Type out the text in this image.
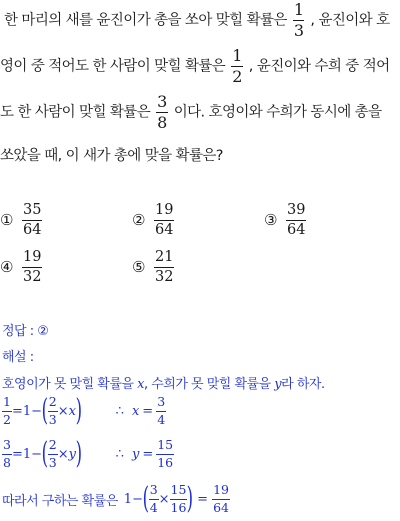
한 마리의 새를 윤진이가 총을 쏘아 맞힐 확률은 $\frac{1}{3}$ , 윤진이와 호
영이 중 적어도 한 사람이 맞힐 확률은 $\frac{1}{2}$ , 윤진이와 수희 중 적어
도 한 사람이 맞힐 확률은 $\frac{3}{8}$ 이다. 호영이와 수희가 동시에 총을
쏘았을 때, 이 새가 총에 맞을 확률은?
① $\frac{35}{64}$	② $\frac{19}{64}$	③ $\frac{39}{64}$
④ $\frac{19}{32}$	⑤ $\frac{21}{32}$
정답 : ②
해설 :
호영이가 못 맞힐 확률을 x, 수희가 못 맞힐 확률을 y라 하자.
$\frac{1}{2} =1-$ ( $\frac{2}{3} \times x$ )	∴ $x = \frac{3}{4}$
$\frac{3}{8} =1-$ ( $\frac{2}{3} \times y$ )	∴ $y = \frac{15}{16}$
따라서 구하는 확률은 1− ( $\frac{3}{4} \times \frac{15}{16}$ ) = $\frac{19}{64}$
